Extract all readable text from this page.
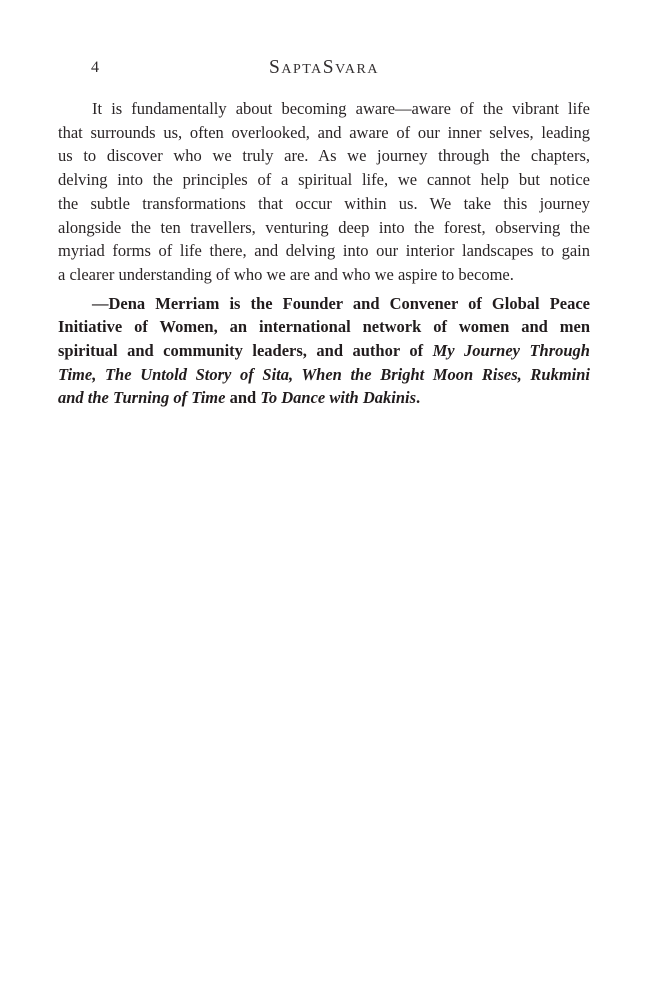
4	SaptaSvara
It is fundamentally about becoming aware—aware of the vibrant life
that surrounds us, often overlooked, and aware of our inner selves, leading
us to discover who we truly are. As we journey through the chapters,
delving into the principles of a spiritual life, we cannot help but notice
the subtle transformations that occur within us. We take this journey
alongside the ten travellers, venturing deep into the forest, observing the
myriad forms of life there, and delving into our interior landscapes to gain
a clearer understanding of who we are and who we aspire to become.
—Dena Merriam is the Founder and Convener of Global Peace
Initiative of Women, an international network of women and men
spiritual and community leaders, and author of My Journey Through
Time, The Untold Story of Sita, When the Bright Moon Rises, Rukmini
and the Turning of Time and To Dance with Dakinis.
